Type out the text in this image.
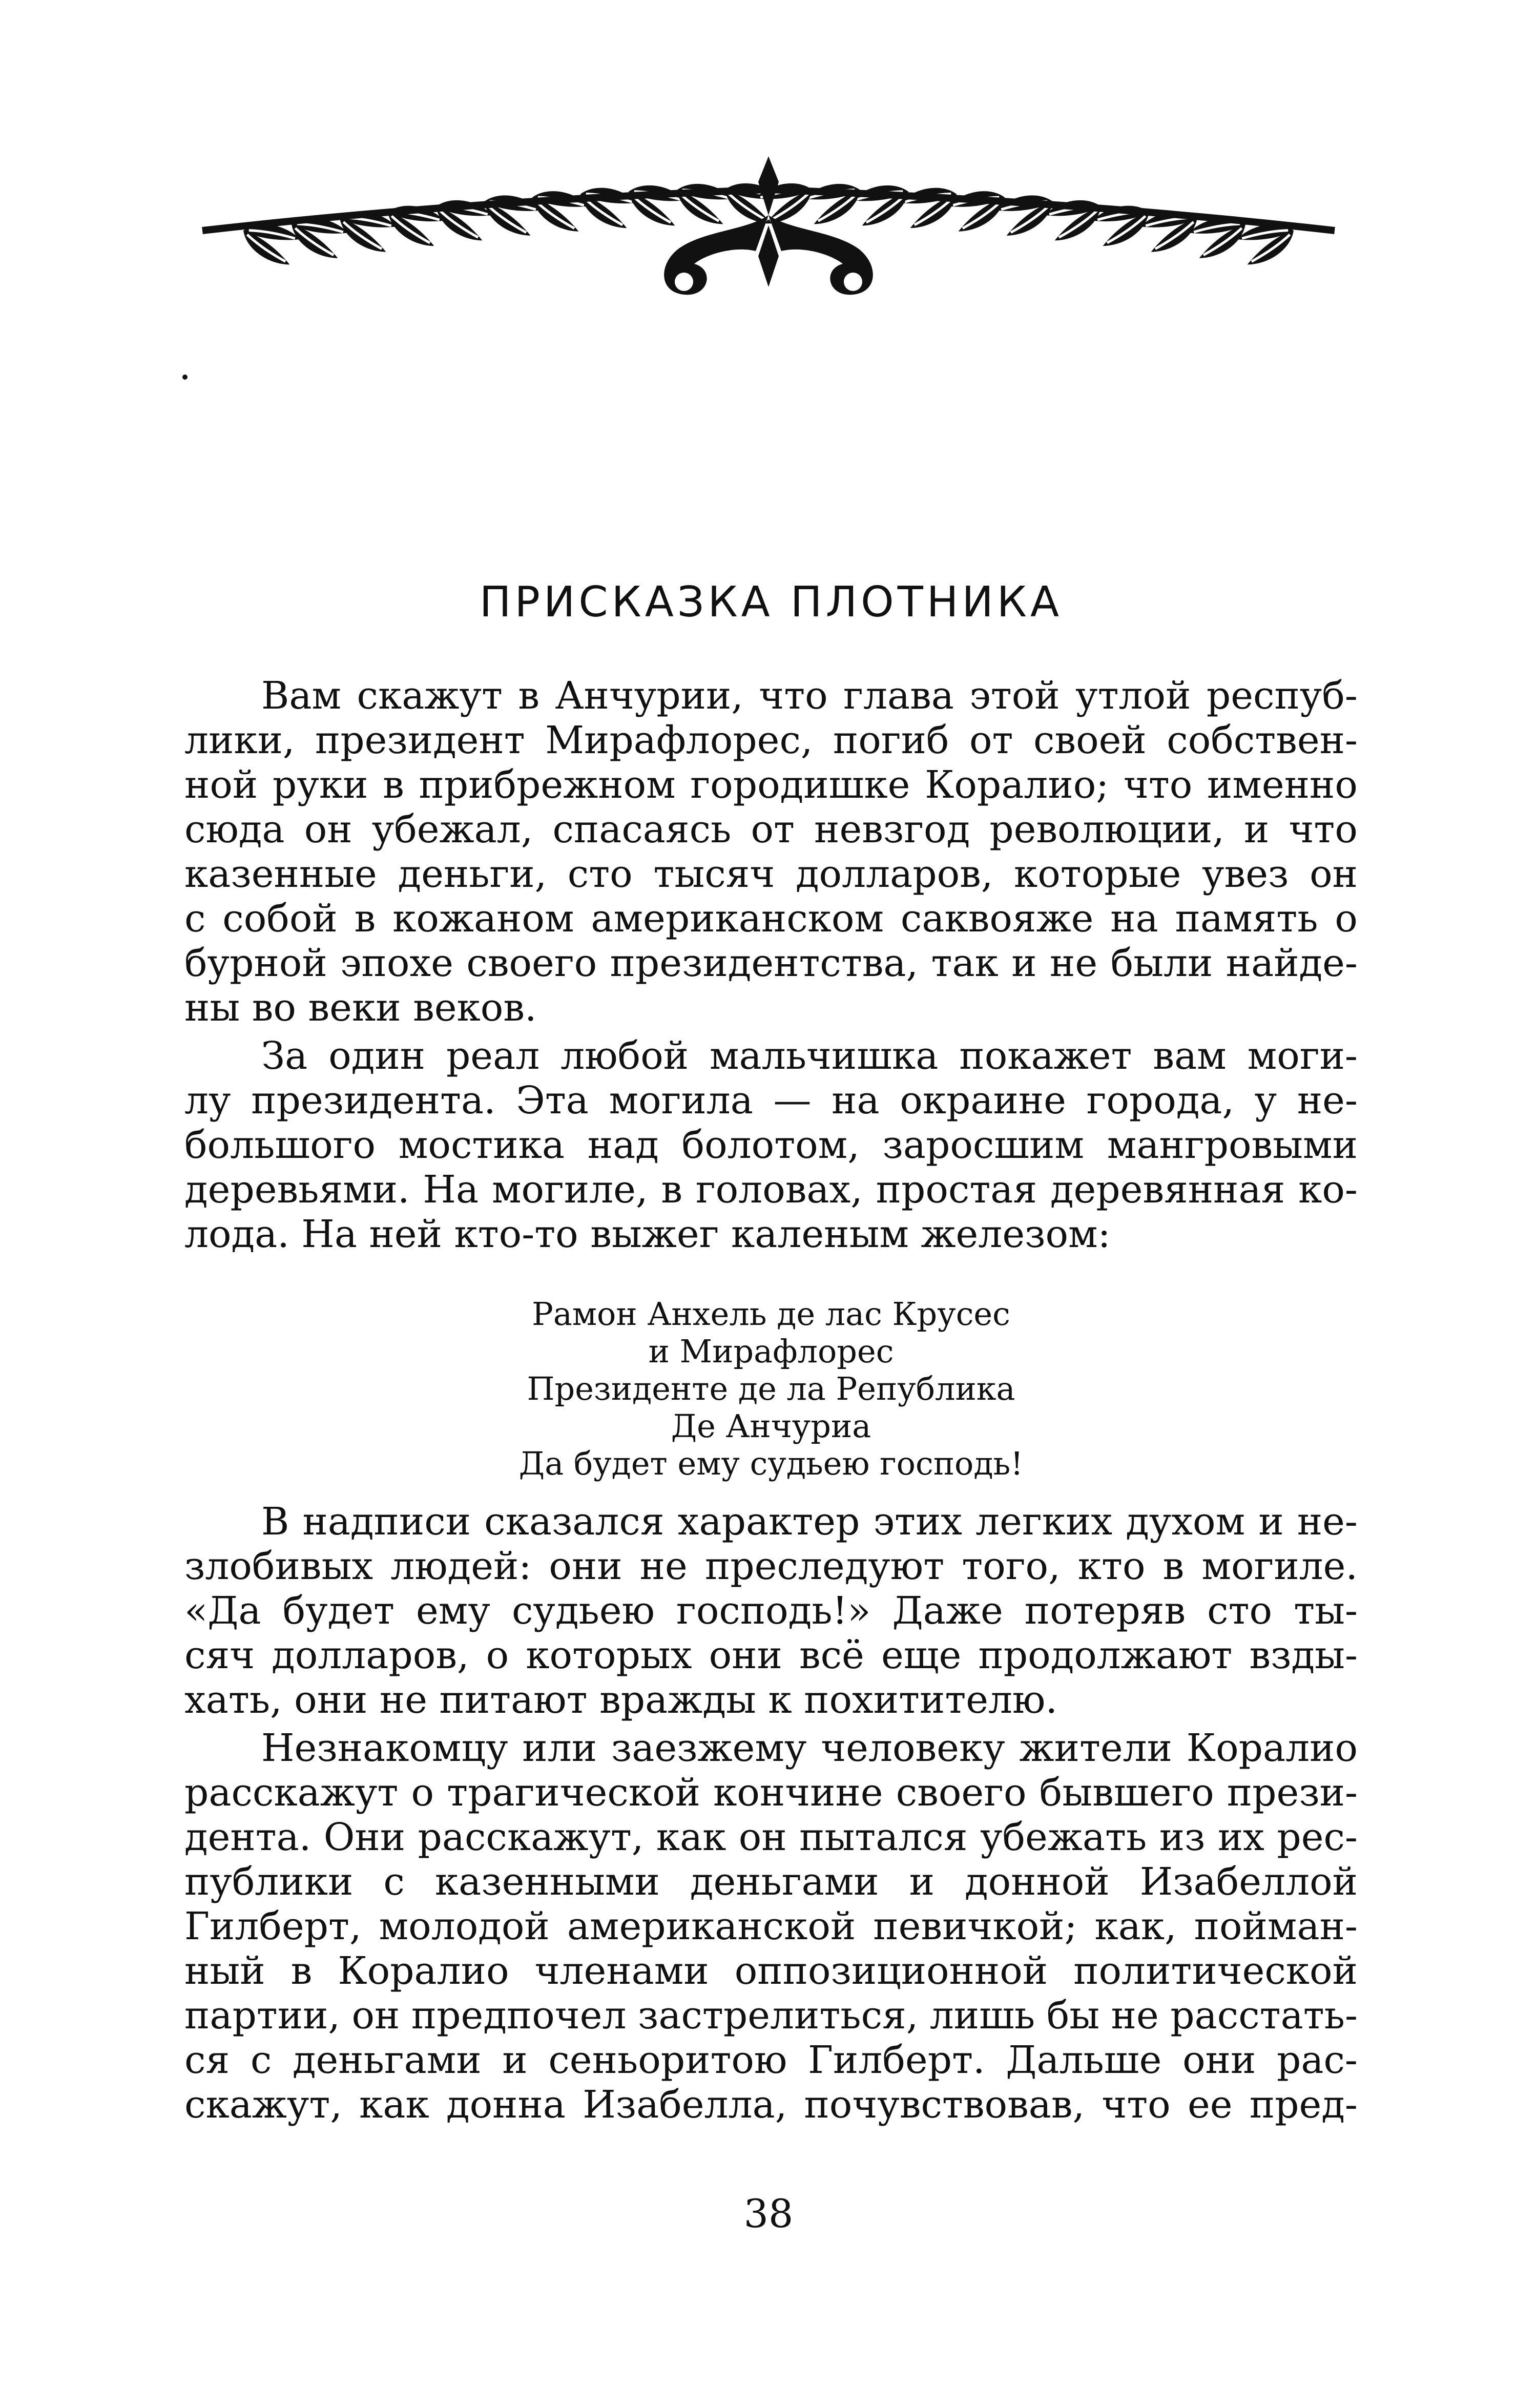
ПРИСКАЗКА ПЛОТНИКА
Вам скажут в Анчурии, что глава этой утлой респуб-
лики, президент Мирафлорес, погиб от своей собствен-
ной руки в прибрежном городишке Коралио; что именно
сюда он убежал, спасаясь от невзгод революции, и что
казенные деньги, сто тысяч долларов, которые увез он
с собой в кожаном американском саквояже на память о
бурной эпохе своего президентства, так и не были найде-
ны
во
веки
веков.
За один реал любой мальчишка покажет вам моги-
лу президента. Эта могила — на окраине города, у не-
большого мостика над болотом, заросшим мангровыми
деревьями. На могиле, в головах, простая деревянная ко-
лода.
На
ней
кто-то
выжег
каленым
железом:
Рамон Анхель де лас Крусес
и Мирафлорес
Президенте де ла Република
Де Анчуриа
Да будет ему судьею господь!
В надписи сказался характер этих легких духом и не-
злобивых людей: они не преследуют того, кто в могиле.
«Да будет ему судьею господь!» Даже потеряв сто ты-
сяч долларов, о которых они всё еще продолжают взды-
хать,
они
не
питают
вражды
к
похитителю.
Незнакомцу или заезжему человеку жители Коралио
расскажут о трагической кончине своего бывшего прези-
дента. Они расскажут, как он пытался убежать из их рес-
публики с казенными деньгами и донной Изабеллой
Гилберт, молодой американской певичкой; как, пойман-
ный в Коралио членами оппозиционной политической
партии, он предпочел застрелиться, лишь бы не расстать-
ся с деньгами и сеньоритою Гилберт. Дальше они рас-
скажут, как донна Изабелла, почувствовав, что ее пред-
38
